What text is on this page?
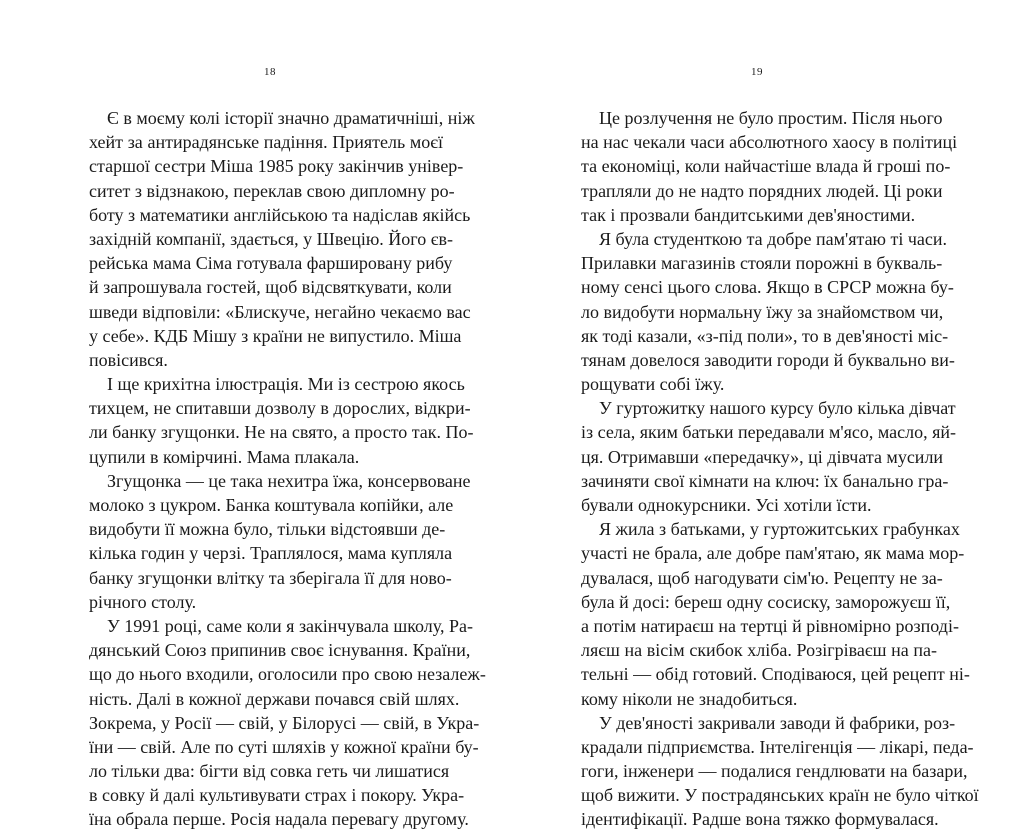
18
Є в моєму колі історії значно драматичніші, ніж
хейт за антирадянське падіння. Приятель моєї
старшої сестри Міша 1985 року закінчив універ-
ситет з відзнакою, переклав свою дипломну ро-
боту з математики англійською та надіслав якійсь
західній компанії, здається, у Швецію. Його єв-
рейська мама Сіма готувала фаршировану рибу
й запрошувала гостей, щоб відсвяткувати, коли
шведи відповіли: «Блискуче, негайно чекаємо вас
у себе». КДБ Мішу з країни не випустило. Міша
повісився.
І ще крихітна ілюстрація. Ми із сестрою якось
тихцем, не спитавши дозволу в дорослих, відкри-
ли банку згущонки. Не на свято, а просто так. По-
цупили в комірчині. Мама плакала.
Згущонка — це така нехитра їжа, консервоване
молоко з цукром. Банка коштувала копійки, але
видобути її можна було, тільки відстоявши де-
кілька годин у черзі. Траплялося, мама купляла
банку згущонки влітку та зберігала її для ново-
річного столу.
У 1991 році, саме коли я закінчувала школу, Ра-
дянський Союз припинив своє існування. Країни,
що до нього входили, оголосили про свою незалеж-
ність. Далі в кожної держави почався свій шлях.
Зокрема, у Росії — свій, у Білорусі — свій, в Укра-
їни — свій. Але по суті шляхів у кожної країни бу-
ло тільки два: бігти від совка геть чи лишатися
в совку й далі культивувати страх і покору. Укра-
їна обрала перше. Росія надала перевагу другому.
19
Це розлучення не було простим. Після нього
на нас чекали часи абсолютного хаосу в політиці
та економіці, коли найчастіше влада й гроші по-
трапляли до не надто порядних людей. Ці роки
так і прозвали бандитськими дев'яностими.
Я була студенткою та добре пам'ятаю ті часи.
Прилавки магазинів стояли порожні в букваль-
ному сенсі цього слова. Якщо в СРСР можна бу-
ло видобути нормальну їжу за знайомством чи,
як тоді казали, «з-під поли», то в дев'яності міс-
тянам довелося заводити городи й буквально ви-
рощувати собі їжу.
У гуртожитку нашого курсу було кілька дівчат
із села, яким батьки передавали м'ясо, масло, яй-
ця. Отримавши «передачку», ці дівчата мусили
зачиняти свої кімнати на ключ: їх банально гра-
бували однокурсники. Усі хотіли їсти.
Я жила з батьками, у гуртожитських грабунках
участі не брала, але добре пам'ятаю, як мама мор-
дувалася, щоб нагодувати сім'ю. Рецепту не за-
була й досі: береш одну сосиску, заморожуєш її,
а потім натираєш на тертці й рівномірно розподі-
ляєш на вісім скибок хліба. Розігріваєш на па-
тельні — обід готовий. Сподіваюся, цей рецепт ні-
кому ніколи не знадобиться.
У дев'яності закривали заводи й фабрики, роз-
крадали підприємства. Інтелігенція — лікарі, педа-
гоги, інженери — подалися гендлювати на базари,
щоб вижити. У пострадянських країн не було чіткої
ідентифікації. Радше вона тяжко формувалася.
